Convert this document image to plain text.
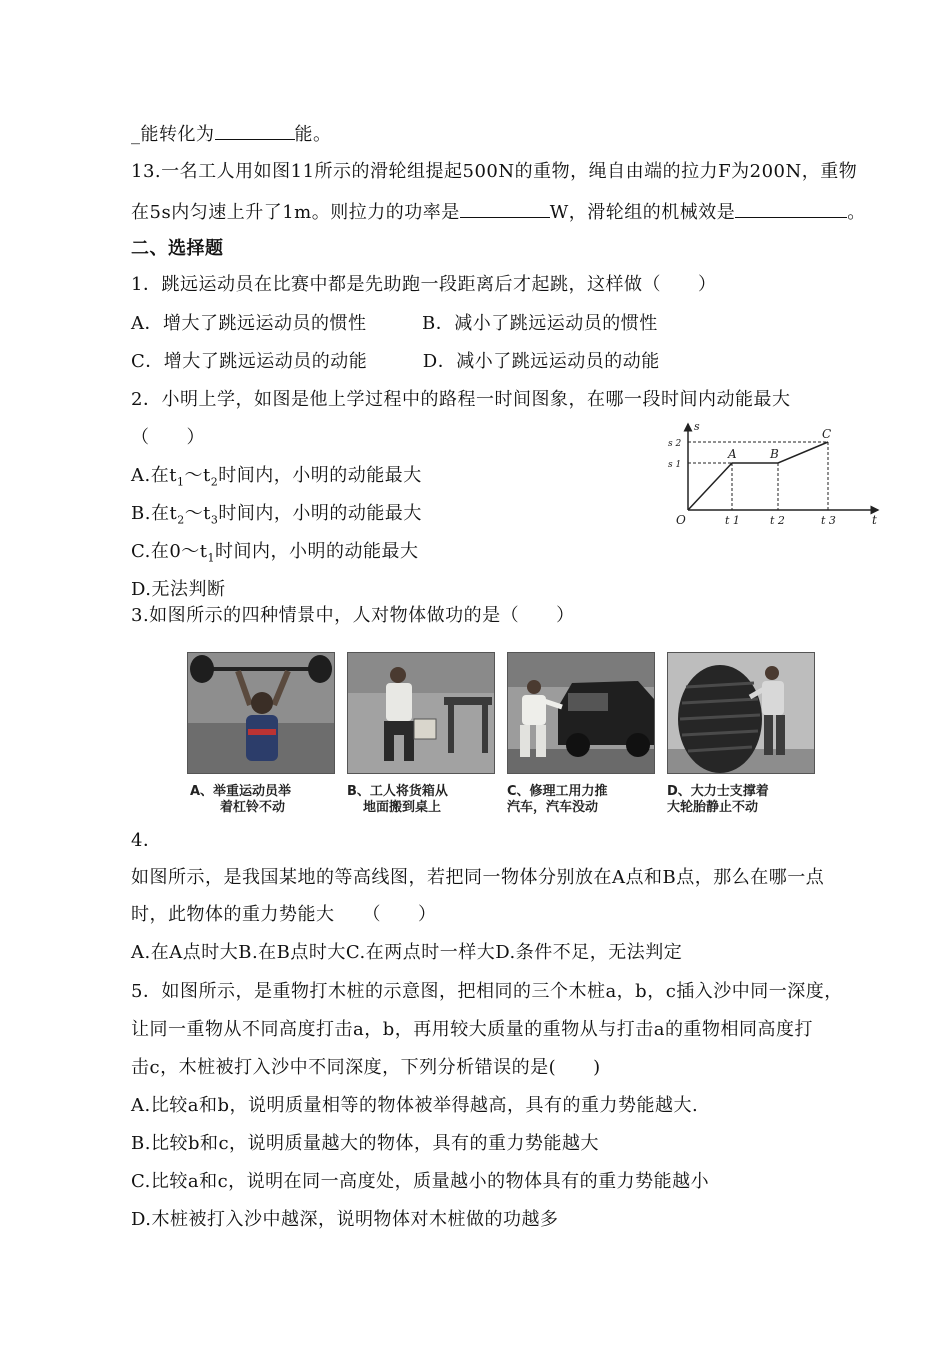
_能转化为	能。
13.一名工人用如图11所示的滑轮组提起500N的重物，绳自由端的拉力F为200N，重物
在5s内匀速上升了1m。则拉力的功率是	W，滑轮组的机械效是	。
二、选择题
1．跳远运动员在比赛中都是先助跑一段距离后才起跳，这样做（　　）
A．增大了跳远运动员的惯性　　　B．减小了跳远运动员的惯性
C．增大了跳远运动员的动能　　　D．减小了跳远运动员的动能
2．小明上学，如图是他上学过程中的路程一时间图象，在哪一段时间内动能最大
（　　）
A.在$t_1\sim t_2$时间内，小明的动能最大
B.在$t_2\sim t_3$时间内，小明的动能最大
C.在$0\sim t_1$时间内，小明的动能最大
D.无法判断
s
t
O
s 2
s 1
t 1	t 2	t 3
A	B
C
3.如图所示的四种情景中，人对物体做功的是（　　）
A、举重运动员举
着杠铃不动
B、工人将货箱从
地面搬到桌上
C、修理工用力推
汽车，汽车没动
D、大力士支撑着
大轮胎静止不动
4．
如图所示，是我国某地的等高线图，若把同一物体分别放在A点和B点，那么在哪一点
时，此物体的重力势能大　　（　　）
A.在A点时大B.在B点时大C.在两点时一样大D.条件不足，无法判定
5．如图所示，是重物打木桩的示意图，把相同的三个木桩a，b，c插入沙中同一深度，
让同一重物从不同高度打击a，b，再用较大质量的重物从与打击a的重物相同高度打
击c，木桩被打入沙中不同深度，下列分析错误的是(　　)
A.比较a和b，说明质量相等的物体被举得越高，具有的重力势能越大.
B.比较b和c，说明质量越大的物体，具有的重力势能越大
C.比较a和c，说明在同一高度处，质量越小的物体具有的重力势能越小
D.木桩被打入沙中越深，说明物体对木桩做的功越多
